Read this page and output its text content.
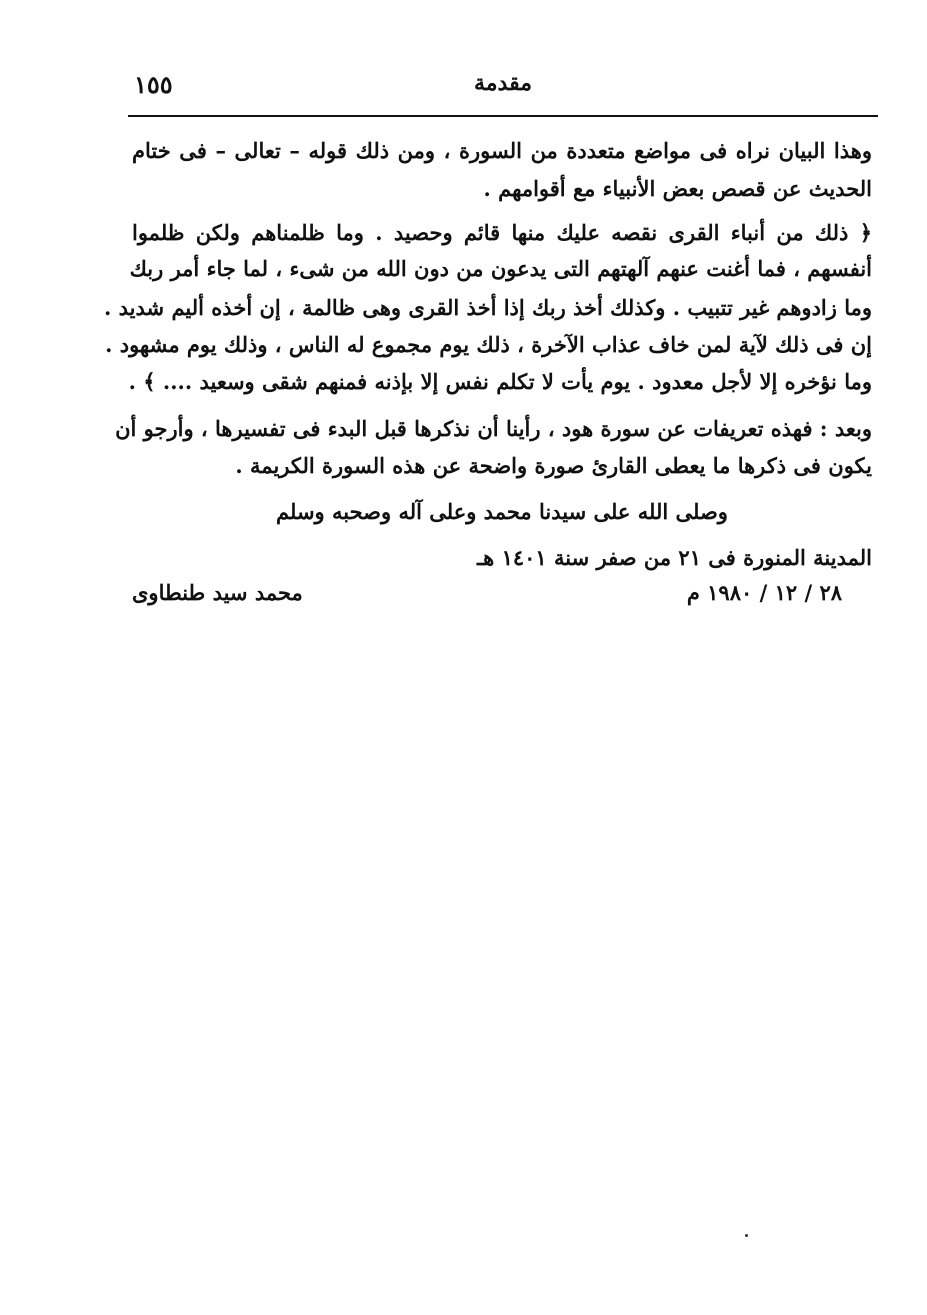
١٥٥	مقدمة
وهذا البيان نراه فى مواضع متعددة من السورة ، ومن ذلك قوله – تعالى – فى ختام
الحديث عن قصص بعض الأنبياء مع أقوامهم .
﴿ ذلك من أنباء القرى نقصه عليك منها قائم وحصيد . وما ظلمناهم ولكن ظلموا
أنفسهم ، فما أغنت عنهم آلهتهم التى يدعون من دون الله من شىء ، لما جاء أمر ربك
وما زادوهم غير تتبيب . وكذلك أخذ ربك إذا أخذ القرى وهى ظالمة ، إن أخذه أليم شديد .
إن فى ذلك لآية لمن خاف عذاب الآخرة ، ذلك يوم مجموع له الناس ، وذلك يوم مشهود .
وما نؤخره إلا لأجل معدود . يوم يأت لا تكلم نفس إلا بإذنه فمنهم شقى وسعيد .... ﴾ .
وبعد : فهذه تعريفات عن سورة هود ، رأينا أن نذكرها قبل البدء فى تفسيرها ، وأرجو أن
يكون فى ذكرها ما يعطى القارئ صورة واضحة عن هذه السورة الكريمة .
وصلى الله على سيدنا محمد وعلى آله وصحبه وسلم
المدينة المنورة فى ٢١ من صفر سنة ١٤٠١ هـ
٢٨ / ١٢ / ١٩٨٠ م
محمد سيد طنطاوى
